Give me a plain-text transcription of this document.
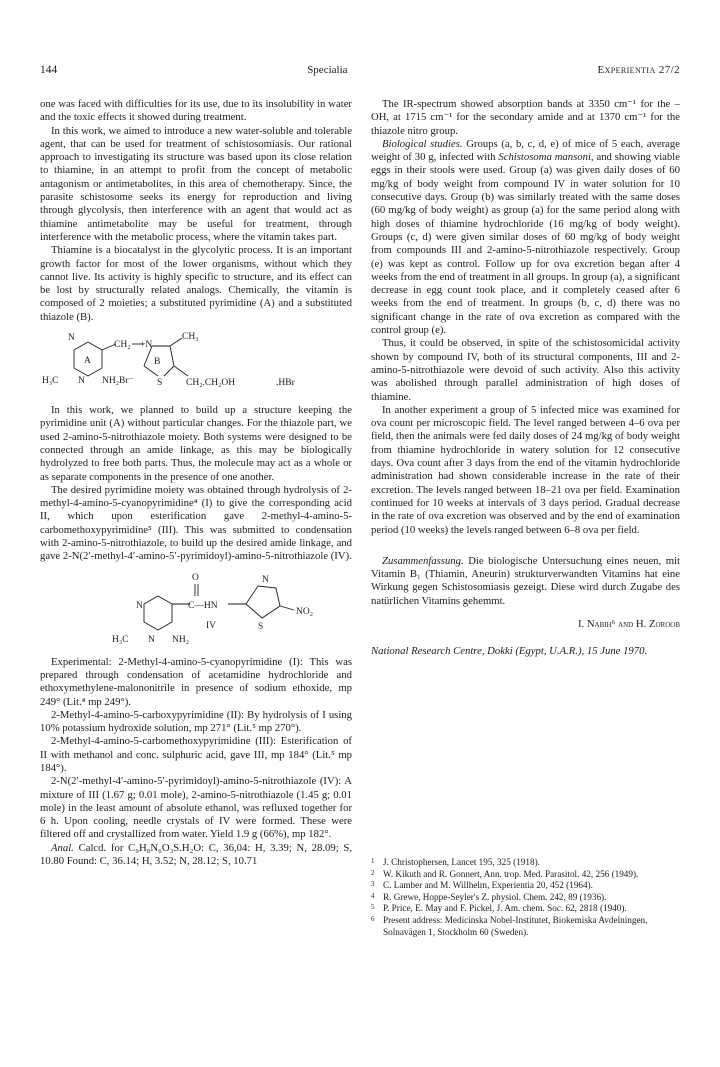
144	Specialia	Experientia 27/2

one was faced with difficulties for its use, due to its insolubility in water and the toxic effects it showed during treatment.

In this work, we aimed to introduce a new water-soluble and tolerable agent, that can be used for treatment of schistosomiasis. Our rational approach to investigating its structure was based upon its close relation to thiamine, in an attempt to profit from the concept of metabolic antagonism or antimetabolites, in this area of chemotherapy. Since, the parasite schistosome seeks its energy for reproduction and living through glycolysis, then interference with an agent that would act as thiamine antimetabolite may be useful for treatment, through interference with the metabolic process, where the vitamin takes part.

Thiamine is a biocatalyst in the glycolytic process. It is an important growth factor for most of the lower organisms, without which they cannot live. Its activity is highly specific to structure, and its effect can be lost by structurally related analogs. Chemically, the vitamin is composed of 2 moieties; a substituted pyrimidine (A) and a substituted thiazole (B).

N
A
H₃C N NH₂Br⁻
CH₂ +N
CH₃
B
S CH₂.CH₂OH	.HBr

In this work, we planned to build up a structure keeping the pyrimidine unit (A) without particular changes. For the thiazole part, we used 2-amino-5-nitrothiazole moiety. Both systems were designed to be connected through an amide linkage, as this may be biologically hydrolyzed to free both parts. Thus, the molecule may act as a whole or as separate components in the presence of one another.

The desired pyrimidine moiety was obtained through hydrolysis of 2-methyl-4-amino-5-cyanopyrimidine⁴ (I) to give the corresponding acid II, which upon esterification gave 2-methyl-4-amino-5-carbomethoxypyrimidine⁵ (III). This was submitted to condensation with 2-amino-5-nitrothiazole, to build up the desired amide linkage, and gave 2-N(2′-methyl-4′-amino-5′-pyrimidoyl)-amino-5-nitrothiazole (IV).

O
N	C—HN
N
S
NO₂
IV
H₃C N NH₂

Experimental: 2-Methyl-4-amino-5-cyanopyrimidine (I): This was prepared through condensation of acetamidine hydrochloride and ethoxymethylene-malononitrile in presence of sodium ethoxide, mp 249° (Lit.⁴ mp 249°).

2-Methyl-4-amino-5-carboxypyrimidine (II): By hydrolysis of I using 10% potassium hydroxide solution, mp 271° (Lit.⁵ mp 270°).

2-Methyl-4-amino-5-carbomethoxypyrimidine (III): Esterification of II with methanol and conc. sulphuric acid, gave III, mp 184° (Lit.⁵ mp 184°).

2-N(2′-methyl-4′-amino-5′-pyrimidoyl)-amino-5-nitrothiazole (IV): A mixture of III (1.67 g; 0.01 mole), 2-amino-5-nitrothiazole (1.45 g; 0.01 mole) in the least amount of absolute ethanol, was refluxed together for 6 h. Upon cooling, needle crystals of IV were formed. These were filtered off and crystallized from water. Yield 1.9 g (66%), mp 182°.

Anal. Calcd. for C₉H₈N₆O₃S.H₂O: C, 36,04: H, 3.39; N, 28.09; S, 10.80 Found: C, 36.14; H, 3.52; N, 28.12; S, 10.71

The IR-spectrum showed absorption bands at 3350 cm⁻¹ for the –OH, at 1715 cm⁻¹ for the secondary amide and at 1370 cm⁻¹ for the thiazole nitro group.

Biological studies. Groups (a, b, c, d, e) of mice of 5 each, average weight of 30 g, infected with Schistosoma mansoni, and showing viable eggs in their stools were used. Group (a) was given daily doses of 60 mg/kg of body weight from compound IV in water solution for 10 consecutive days. Group (b) was similarly treated with the same doses (60 mg/kg of body weight) as group (a) for the same period along with high doses of thiamine hydrochloride (16 mg/kg of body weight). Groups (c, d) were given similar doses of 60 mg/kg of body weight from compounds III and 2-amino-5-nitrothiazole respectively. Group (e) was kept as control. Follow up for ova excretion began after 4 weeks from the end of treatment in all groups. In group (a), a significant decrease in egg count took place, and it completely ceased after 6 weeks from the end of treatment. In groups (b, c, d) there was no significant change in the rate of ova excretion as compared with the control group (e).

Thus, it could be observed, in spite of the schistosomicidal activity shown by compound IV, both of its structural components, III and 2-amino-5-nitrothiazole were devoid of such activity. Also this activity was abolished through parallel administration of high doses of thiamine.

In another experiment a group of 5 infected mice was examined for ova count per microscopic field. The level ranged between 4–6 ova per field, then the animals were fed daily doses of 24 mg/kg of body weight from thiamine hydrochloride in watery solution for 12 consecutive days. Ova count after 3 days from the end of the vitamin hydrochloride administration had shown considerable increase in the rate of their excretion. The levels ranged between 18–21 ova per field. Examination continued for 10 weeks at intervals of 3 days period. Gradual decrease in the rate of ova excretion was observed and by the end of examination period (10 weeks) the levels ranged between 6–8 ova per field.

Zusammenfassung. Die biologische Untersuchung eines neuen, mit Vitamin B₁ (Thiamin, Aneurin) strukturverwandten Vitamins hat eine Wirkung gegen Schistosomiasis gezeigt. Diese wird durch Zugabe des natürlichen Vitamins gehemmt.

I. Nabih⁶ and H. Zoroob

National Research Centre, Dokki (Egypt, U.A.R.), 15 June 1970.

1 J. Christophersen, Lancet 195, 325 (1918).
2 W. Kikuth and R. Gonnert, Ann. trop. Med. Parasitol. 42, 256 (1949).
3 C. Lamber and M. Willhelm, Experientia 20, 452 (1964).
4 R. Grewe, Hoppe-Seyler's Z. physiol. Chem. 242, 89 (1936).
5 P. Price, E. May and F. Pickel, J. Am. chem. Soc. 62, 2818 (1940).
6 Present address: Medicinska Nobel-Institutet, Biokemiska Avdelningen, Solnavägen 1, Stockholm 60 (Sweden).
